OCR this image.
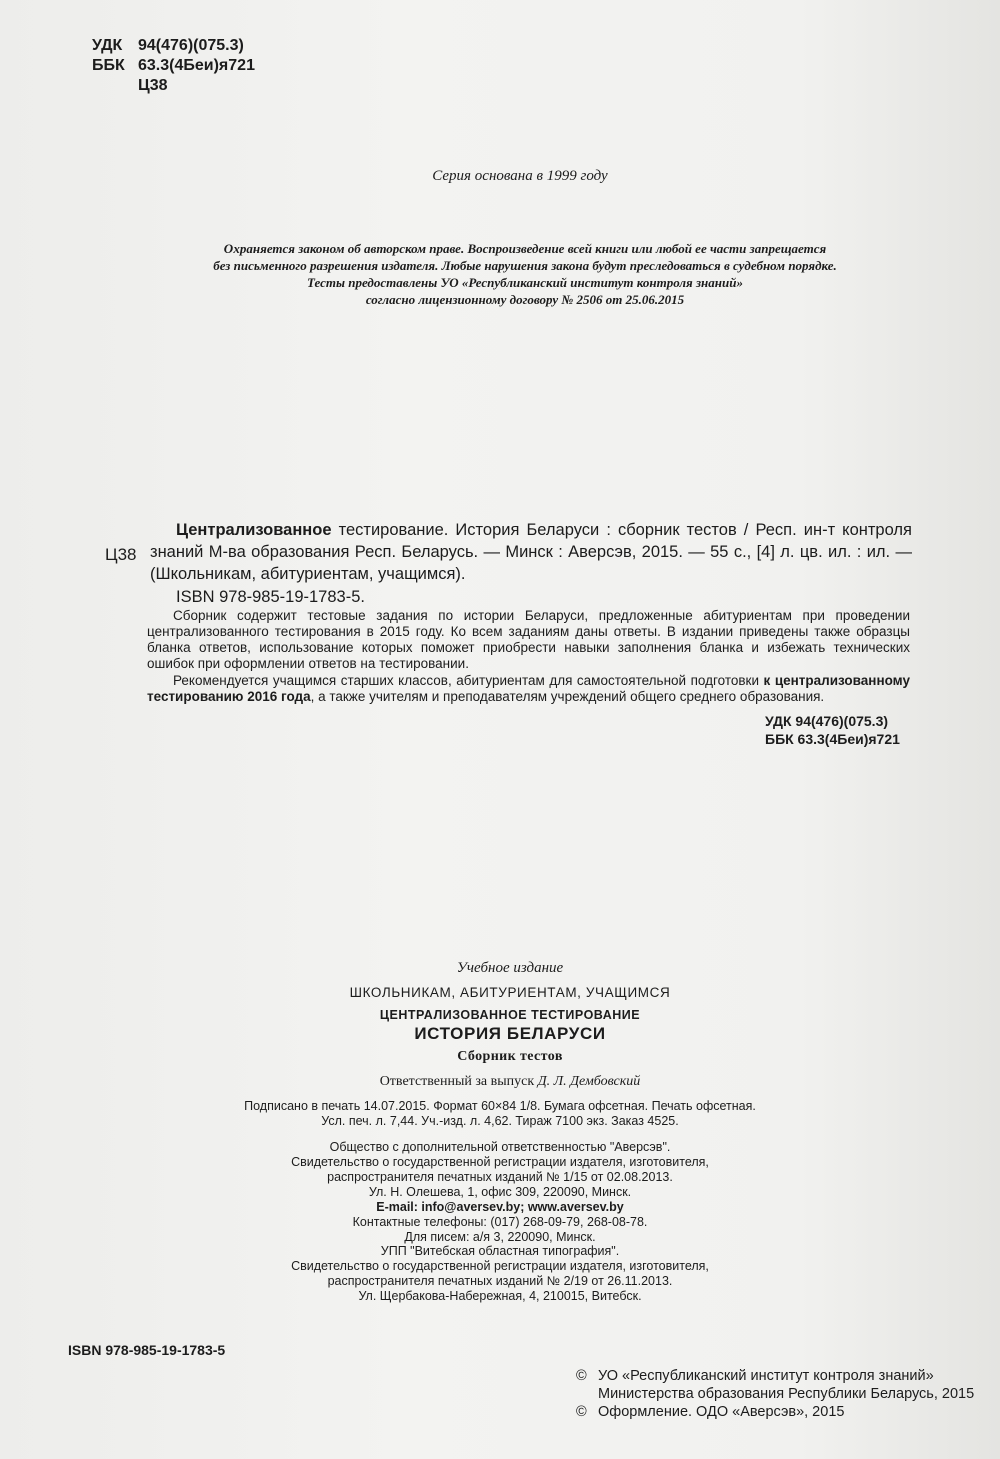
УДК 94(476)(075.3)
ББК 63.3(4Беи)я721
Ц38
Серия основана в 1999 году
Охраняется законом об авторском праве. Воспроизведение всей книги или любой ее части запрещается
без письменного разрешения издателя. Любые нарушения закона будут преследоваться в судебном порядке.
Тесты предоставлены УО «Республиканский институт контроля знаний»
согласно лицензионному договору № 2506 от 25.06.2015
Ц38

Централизованное тестирование. История Беларуси : сборник тестов / Респ. ин-т контроля знаний М-ва образования Респ. Беларусь. — Минск : Аверсэв, 2015. — 55 с., [4] л. цв. ил. : ил. — (Школьникам, абитуриентам, учащимся).

ISBN 978-985-19-1783-5.

Сборник содержит тестовые задания по истории Беларуси, предложенные абитуриентам при проведении централизованного тестирования в 2015 году. Ко всем заданиям даны ответы. В издании приведены также образцы бланка ответов, использование которых поможет приобрести навыки заполнения бланка и избежать технических ошибок при оформлении ответов на тестировании.

Рекомендуется учащимся старших классов, абитуриентам для самостоятельной подготовки к централизованному тестированию 2016 года, а также учителям и преподавателям учреждений общего среднего образования.

УДК 94(476)(075.3)
ББК 63.3(4Беи)я721
Учебное издание
ШКОЛЬНИКАМ, АБИТУРИЕНТАМ, УЧАЩИМСЯ
ЦЕНТРАЛИЗОВАННОЕ ТЕСТИРОВАНИЕ
ИСТОРИЯ БЕЛАРУСИ
Сборник тестов
Ответственный за выпуск Д. Л. Дембовский
Подписано в печать 14.07.2015. Формат 60×84 1/8. Бумага офсетная. Печать офсетная.
Усл. печ. л. 7,44. Уч.-изд. л. 4,62. Тираж 7100 экз. Заказ 4525.
Общество с дополнительной ответственностью "Аверсэв".
Свидетельство о государственной регистрации издателя, изготовителя,
распространителя печатных изданий № 1/15 от 02.08.2013.
Ул. Н. Олешева, 1, офис 309, 220090, Минск.
E-mail: info@aversev.by; www.aversev.by
Контактные телефоны: (017) 268-09-79, 268-08-78.
Для писем: а/я 3, 220090, Минск.
УПП "Витебская областная типография".
Свидетельство о государственной регистрации издателя, изготовителя,
распространителя печатных изданий № 2/19 от 26.11.2013.
Ул. Щербакова-Набережная, 4, 210015, Витебск.
ISBN 978-985-19-1783-5
© УО «Республиканский институт контроля знаний»
Министерства образования Республики Беларусь, 2015
© Оформление. ОДО «Аверсэв», 2015
